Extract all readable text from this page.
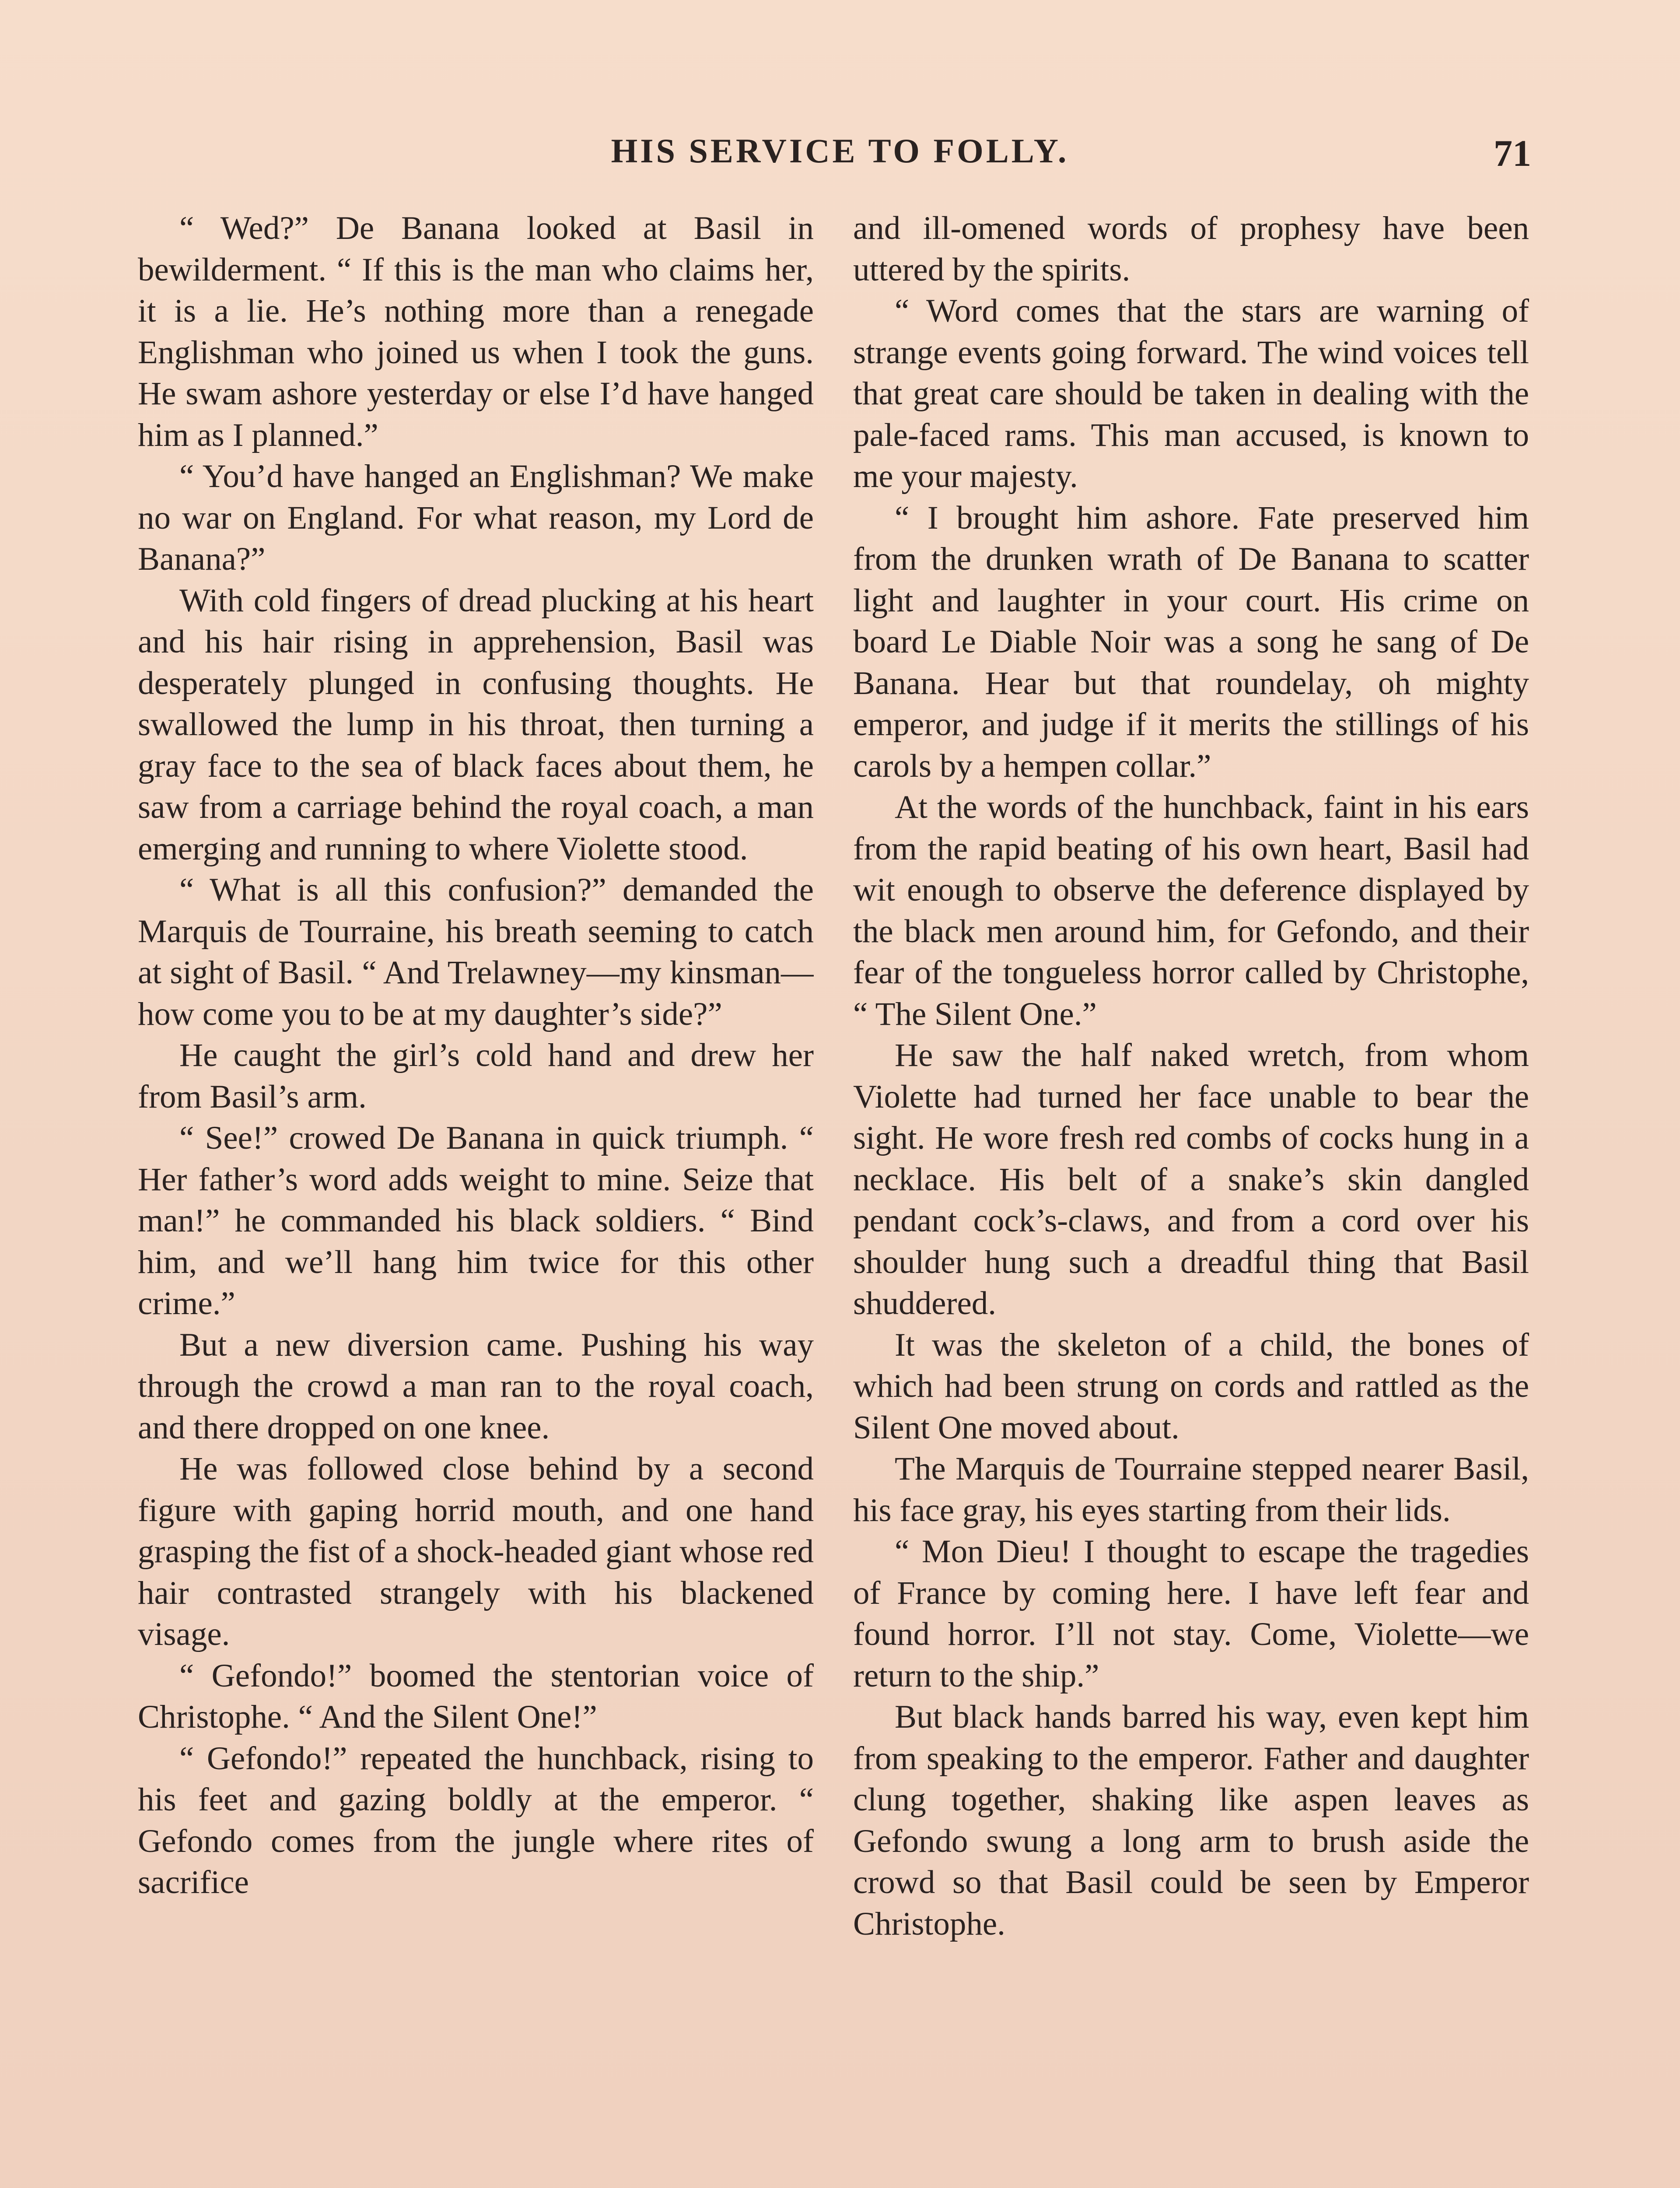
HIS SERVICE TO FOLLY.	71

“ Wed?” De Banana looked at Basil in bewilderment. “ If this is the man who claims her, it is a lie. He’s nothing more than a renegade Englishman who joined us when I took the guns. He swam ashore yesterday or else I’d have hanged him as I planned.”

“ You’d have hanged an Englishman? We make no war on England. For what reason, my Lord de Banana?”

With cold fingers of dread plucking at his heart and his hair rising in apprehension, Basil was desperately plunged in confusing thoughts. He swallowed the lump in his throat, then turning a gray face to the sea of black faces about them, he saw from a carriage behind the royal coach, a man emerging and running to where Violette stood.

“ What is all this confusion?” demanded the Marquis de Tourraine, his breath seeming to catch at sight of Basil. “ And Trelawney—my kinsman—how come you to be at my daughter’s side?”

He caught the girl’s cold hand and drew her from Basil’s arm.

“ See!” crowed De Banana in quick triumph. “ Her father’s word adds weight to mine. Seize that man!” he commanded his black soldiers. “ Bind him, and we’ll hang him twice for this other crime.”

But a new diversion came. Pushing his way through the crowd a man ran to the royal coach, and there dropped on one knee.

He was followed close behind by a second figure with gaping horrid mouth, and one hand grasping the fist of a shock-headed giant whose red hair contrasted strangely with his blackened visage.

“ Gefondo!” boomed the stentorian voice of Christophe. “ And the Silent One!”

“ Gefondo!” repeated the hunchback, rising to his feet and gazing boldly at the emperor. “ Gefondo comes from the jungle where rites of sacrifice

and ill-omened words of prophesy have been uttered by the spirits.

“ Word comes that the stars are warning of strange events going forward. The wind voices tell that great care should be taken in dealing with the pale-faced rams. This man accused, is known to me your majesty.

“ I brought him ashore. Fate preserved him from the drunken wrath of De Banana to scatter light and laughter in your court. His crime on board Le Diable Noir was a song he sang of De Banana. Hear but that roundelay, oh mighty emperor, and judge if it merits the stillings of his carols by a hempen collar.”

At the words of the hunchback, faint in his ears from the rapid beating of his own heart, Basil had wit enough to observe the deference displayed by the black men around him, for Gefondo, and their fear of the tongueless horror called by Christophe, “ The Silent One.”

He saw the half naked wretch, from whom Violette had turned her face unable to bear the sight. He wore fresh red combs of cocks hung in a necklace. His belt of a snake’s skin dangled pendant cock’s-claws, and from a cord over his shoulder hung such a dreadful thing that Basil shuddered.

It was the skeleton of a child, the bones of which had been strung on cords and rattled as the Silent One moved about.

The Marquis de Tourraine stepped nearer Basil, his face gray, his eyes starting from their lids.

“ Mon Dieu! I thought to escape the tragedies of France by coming here. I have left fear and found horror. I’ll not stay. Come, Violette—we return to the ship.”

But black hands barred his way, even kept him from speaking to the emperor. Father and daughter clung together, shaking like aspen leaves as Gefondo swung a long arm to brush aside the crowd so that Basil could be seen by Emperor Christophe.
